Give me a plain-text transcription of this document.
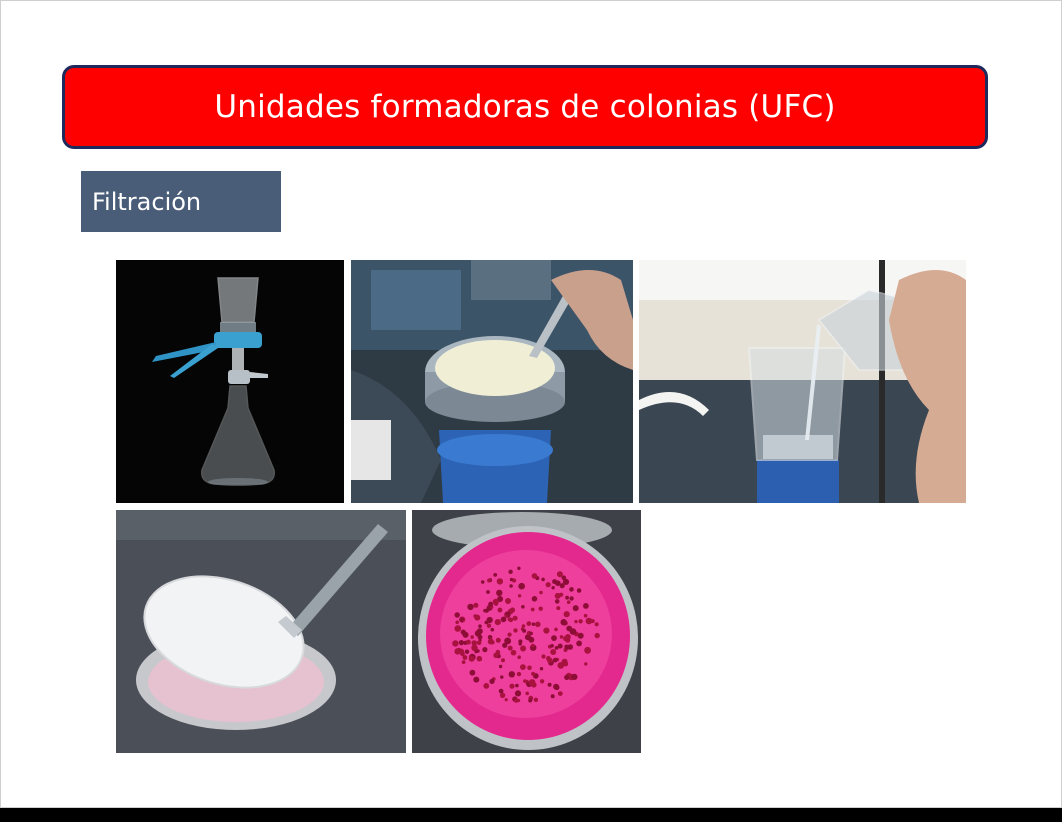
Unidades formadoras de colonias (UFC)
Filtración
